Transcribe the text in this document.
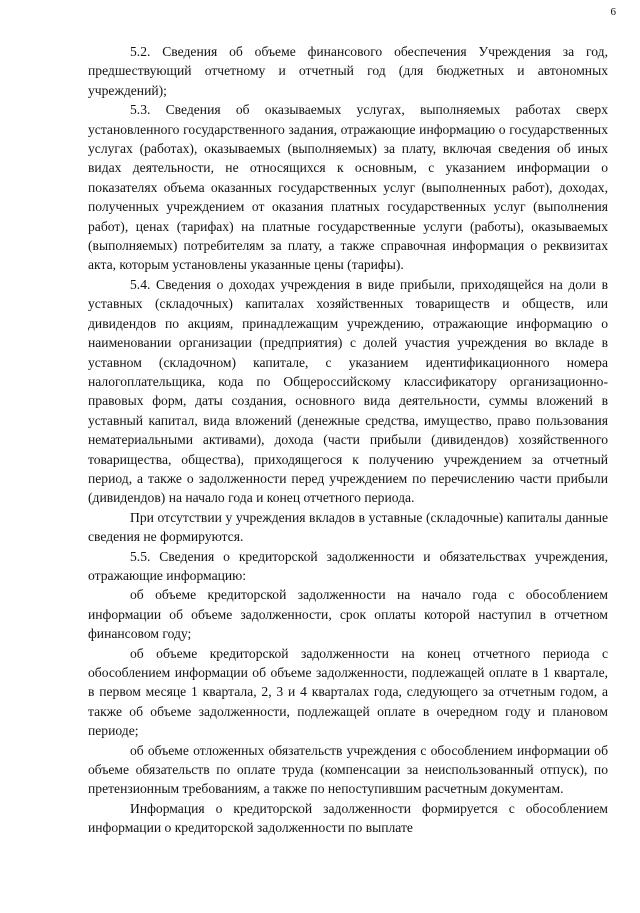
6

5.2. Сведения об объеме финансового обеспечения Учреждения за год, предшествующий отчетному и отчетный год (для бюджетных и автономных учреждений);

5.3. Сведения об оказываемых услугах, выполняемых работах сверх установленного государственного задания, отражающие информацию о государственных услугах (работах), оказываемых (выполняемых) за плату, включая сведения об иных видах деятельности, не относящихся к основным, с указанием информации о показателях объема оказанных государственных услуг (выполненных работ), доходах, полученных учреждением от оказания платных государственных услуг (выполнения работ), ценах (тарифах) на платные государственные услуги (работы), оказываемых (выполняемых) потребителям за плату, а также справочная информация о реквизитах акта, которым установлены указанные цены (тарифы).

5.4. Сведения о доходах учреждения в виде прибыли, приходящейся на доли в уставных (складочных) капиталах хозяйственных товариществ и обществ, или дивидендов по акциям, принадлежащим учреждению, отражающие информацию о наименовании организации (предприятия) с долей участия учреждения во вкладе в уставном (складочном) капитале, с указанием идентификационного номера налогоплательщика, кода по Общероссийскому классификатору организационно-правовых форм, даты создания, основного вида деятельности, суммы вложений в уставный капитал, вида вложений (денежные средства, имущество, право пользования нематериальными активами), дохода (части прибыли (дивидендов) хозяйственного товарищества, общества), приходящегося к получению учреждением за отчетный период, а также о задолженности перед учреждением по перечислению части прибыли (дивидендов) на начало года и конец отчетного периода.

При отсутствии у учреждения вкладов в уставные (складочные) капиталы данные сведения не формируются.

5.5. Сведения о кредиторской задолженности и обязательствах учреждения, отражающие информацию:

об объеме кредиторской задолженности на начало года с обособлением информации об объеме задолженности, срок оплаты которой наступил в отчетном финансовом году;

об объеме кредиторской задолженности на конец отчетного периода с обособлением информации об объеме задолженности, подлежащей оплате в 1 квартале, в первом месяце 1 квартала, 2, 3 и 4 кварталах года, следующего за отчетным годом, а также об объеме задолженности, подлежащей оплате в очередном году и плановом периоде;

об объеме отложенных обязательств учреждения с обособлением информации об объеме обязательств по оплате труда (компенсации за неиспользованный отпуск), по претензионным требованиям, а также по непоступившим расчетным документам.

Информация о кредиторской задолженности формируется с обособлением информации о кредиторской задолженности по выплате
